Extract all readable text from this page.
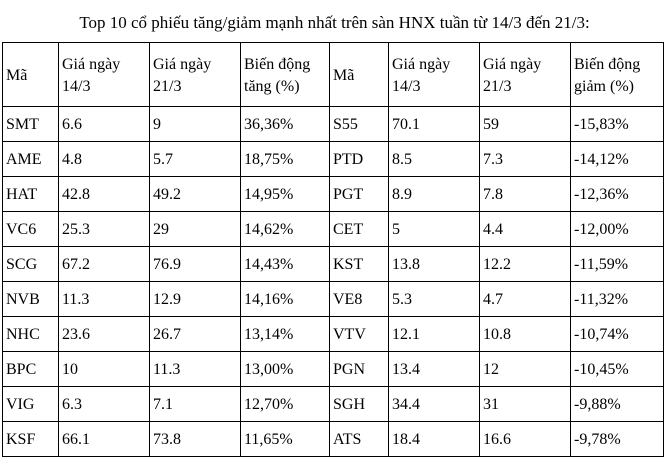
Top 10 cổ phiếu tăng/giảm mạnh nhất trên sàn HNX tuần từ 14/3 đến 21/3:
Mã	Giá ngày 14/3	Giá ngày 21/3	Biến động tăng (%)	Mã	Giá ngày 14/3	Giá ngày 21/3	Biến động giảm (%)
SMT	6.6	9	36,36%	S55	70.1	59	-15,83%
AME	4.8	5.7	18,75%	PTD	8.5	7.3	-14,12%
HAT	42.8	49.2	14,95%	PGT	8.9	7.8	-12,36%
VC6	25.3	29	14,62%	CET	5	4.4	-12,00%
SCG	67.2	76.9	14,43%	KST	13.8	12.2	-11,59%
NVB	11.3	12.9	14,16%	VE8	5.3	4.7	-11,32%
NHC	23.6	26.7	13,14%	VTV	12.1	10.8	-10,74%
BPC	10	11.3	13,00%	PGN	13.4	12	-10,45%
VIG	6.3	7.1	12,70%	SGH	34.4	31	-9,88%
KSF	66.1	73.8	11,65%	ATS	18.4	16.6	-9,78%
